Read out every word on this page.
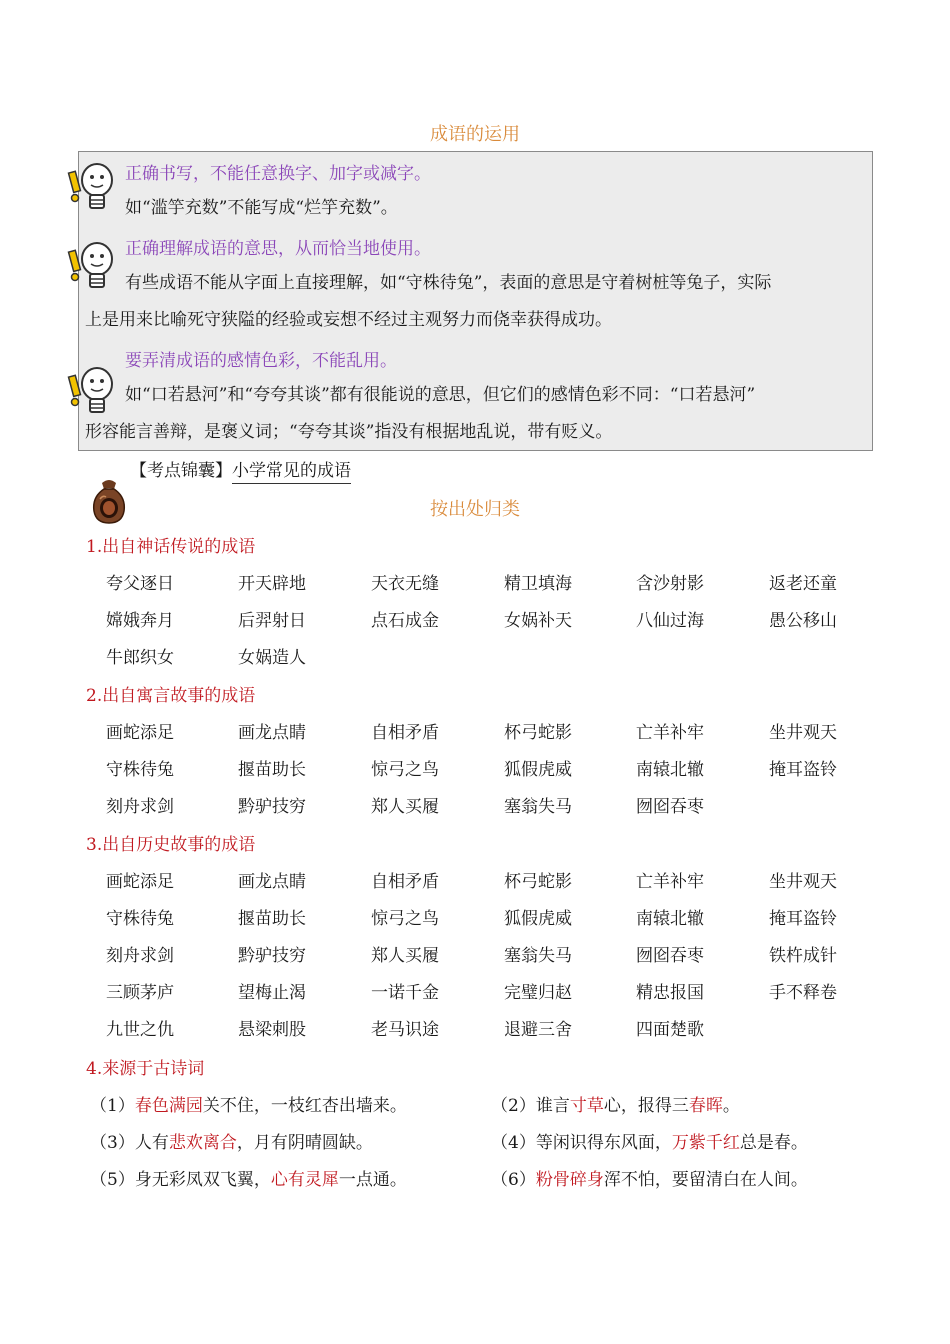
成语的运用
正确书写，不能任意换字、加字或减字。
如“滥竽充数”不能写成“烂竽充数”。
正确理解成语的意思，从而恰当地使用。
有些成语不能从字面上直接理解，如“守株待兔”，表面的意思是守着树桩等兔子，实际
上是用来比喻死守狭隘的经验或妄想不经过主观努力而侥幸获得成功。
要弄清成语的感情色彩，不能乱用。
如“口若悬河”和“夸夸其谈”都有很能说的意思，但它们的感情色彩不同：“口若悬河”
形容能言善辩，是褒义词；“夸夸其谈”指没有根据地乱说，带有贬义。
【考点锦囊】小学常见的成语
按出处归类
1.出自神话传说的成语
夸父逐日	开天辟地	天衣无缝	精卫填海	含沙射影	返老还童
嫦娥奔月	后羿射日	点石成金	女娲补天	八仙过海	愚公移山
牛郎织女	女娲造人
2.出自寓言故事的成语
画蛇添足	画龙点睛	自相矛盾	杯弓蛇影	亡羊补牢	坐井观天
守株待兔	揠苗助长	惊弓之鸟	狐假虎威	南辕北辙	掩耳盗铃
刻舟求剑	黔驴技穷	郑人买履	塞翁失马	囫囵吞枣
3.出自历史故事的成语
画蛇添足	画龙点睛	自相矛盾	杯弓蛇影	亡羊补牢	坐井观天
守株待兔	揠苗助长	惊弓之鸟	狐假虎威	南辕北辙	掩耳盗铃
刻舟求剑	黔驴技穷	郑人买履	塞翁失马	囫囵吞枣	铁杵成针
三顾茅庐	望梅止渴	一诺千金	完璧归赵	精忠报国	手不释卷
九世之仇	悬梁刺股	老马识途	退避三舍	四面楚歌
4.来源于古诗词
（1）春色满园关不住，一枝红杏出墙来。	（2）谁言寸草心，报得三春晖。
（3）人有悲欢离合，月有阴晴圆缺。	（4）等闲识得东风面，万紫千红总是春。
（5）身无彩凤双飞翼，心有灵犀一点通。	（6）粉骨碎身浑不怕，要留清白在人间。
